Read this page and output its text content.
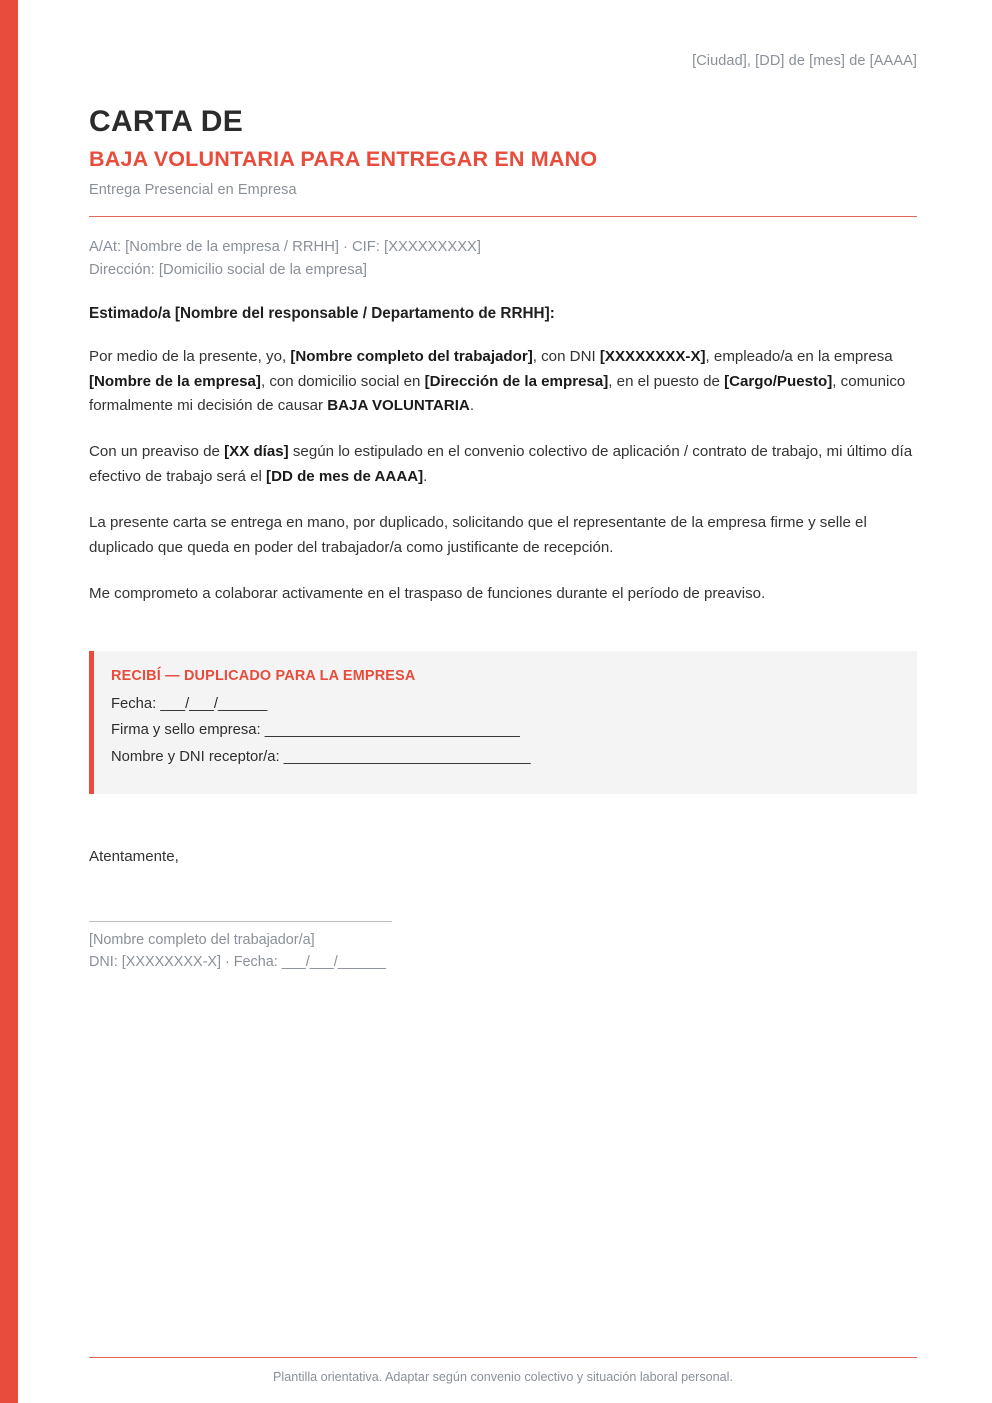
[Ciudad], [DD] de [mes] de [AAAA]
CARTA DE
BAJA VOLUNTARIA PARA ENTREGAR EN MANO
Entrega Presencial en Empresa
A/At: [Nombre de la empresa / RRHH] · CIF: [XXXXXXXXX]
Dirección: [Domicilio social de la empresa]
Estimado/a [Nombre del responsable / Departamento de RRHH]:

Por medio de la presente, yo, [Nombre completo del trabajador], con DNI [XXXXXXXX-X], empleado/a en la empresa [Nombre de la empresa], con domicilio social en [Dirección de la empresa], en el puesto de [Cargo/Puesto], comunico formalmente mi decisión de causar BAJA VOLUNTARIA.

Con un preaviso de [XX días] según lo estipulado en el convenio colectivo de aplicación / contrato de trabajo, mi último día efectivo de trabajo será el [DD de mes de AAAA].

La presente carta se entrega en mano, por duplicado, solicitando que el representante de la empresa firme y selle el duplicado que queda en poder del trabajador/a como justificante de recepción.

Me comprometo a colaborar activamente en el traspaso de funciones durante el período de preaviso.

RECIBÍ — DUPLICADO PARA LA EMPRESA
Fecha: ___/___/______
Firma y sello empresa: _______________________________
Nombre y DNI receptor/a: ______________________________
Atentamente,
[Nombre completo del trabajador/a]
DNI: [XXXXXXXX-X] · Fecha: ___/___/______
Plantilla orientativa. Adaptar según convenio colectivo y situación laboral personal.
